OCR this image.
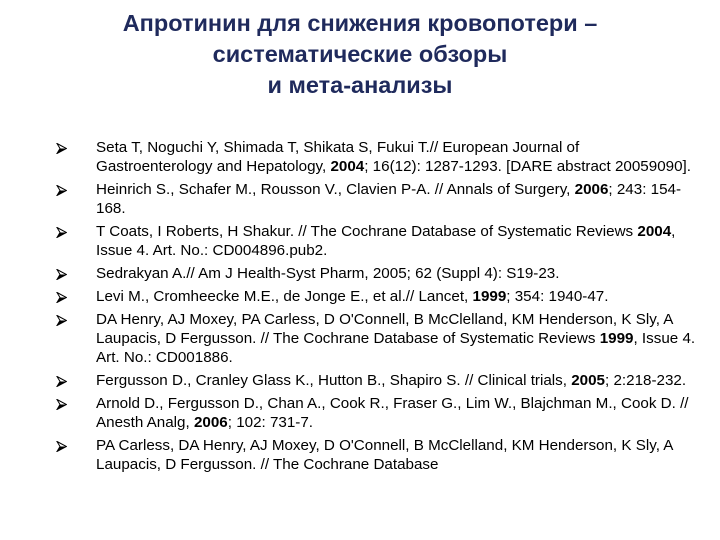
Апротинин для снижения кровопотери –
систематические обзоры
и мета-анализы
Seta T, Noguchi Y, Shimada T, Shikata S, Fukui T.// European Journal of Gastroenterology and Hepatology, 2004; 16(12): 1287-1293. [DARE abstract 20059090].
Heinrich S., Schafer M., Rousson V., Clavien P-A. // Annals of Surgery, 2006; 243: 154-168.
T Coats, I Roberts, H Shakur. // The Cochrane Database of Systematic Reviews 2004, Issue 4. Art. No.: CD004896.pub2.
Sedrakyan A.// Am J Health-Syst Pharm, 2005; 62 (Suppl 4): S19-23.
Levi M., Cromheecke M.E., de Jonge E., et al.// Lancet, 1999; 354: 1940-47.
DA Henry, AJ Moxey, PA Carless, D O'Connell, B McClelland, KM Henderson, K Sly, A Laupacis, D Fergusson. // The Cochrane Database of Systematic Reviews 1999, Issue 4. Art. No.: CD001886.
Fergusson D., Cranley Glass K., Hutton B., Shapiro S. // Clinical trials, 2005; 2:218-232.
Arnold D., Fergusson D., Chan A., Cook R., Fraser G., Lim W., Blajchman M., Cook D. // Anesth Analg, 2006; 102: 731-7.
PA Carless, DA Henry, AJ Moxey, D O'Connell, B McClelland, KM Henderson, K Sly, A Laupacis, D Fergusson. // The Cochrane Database
